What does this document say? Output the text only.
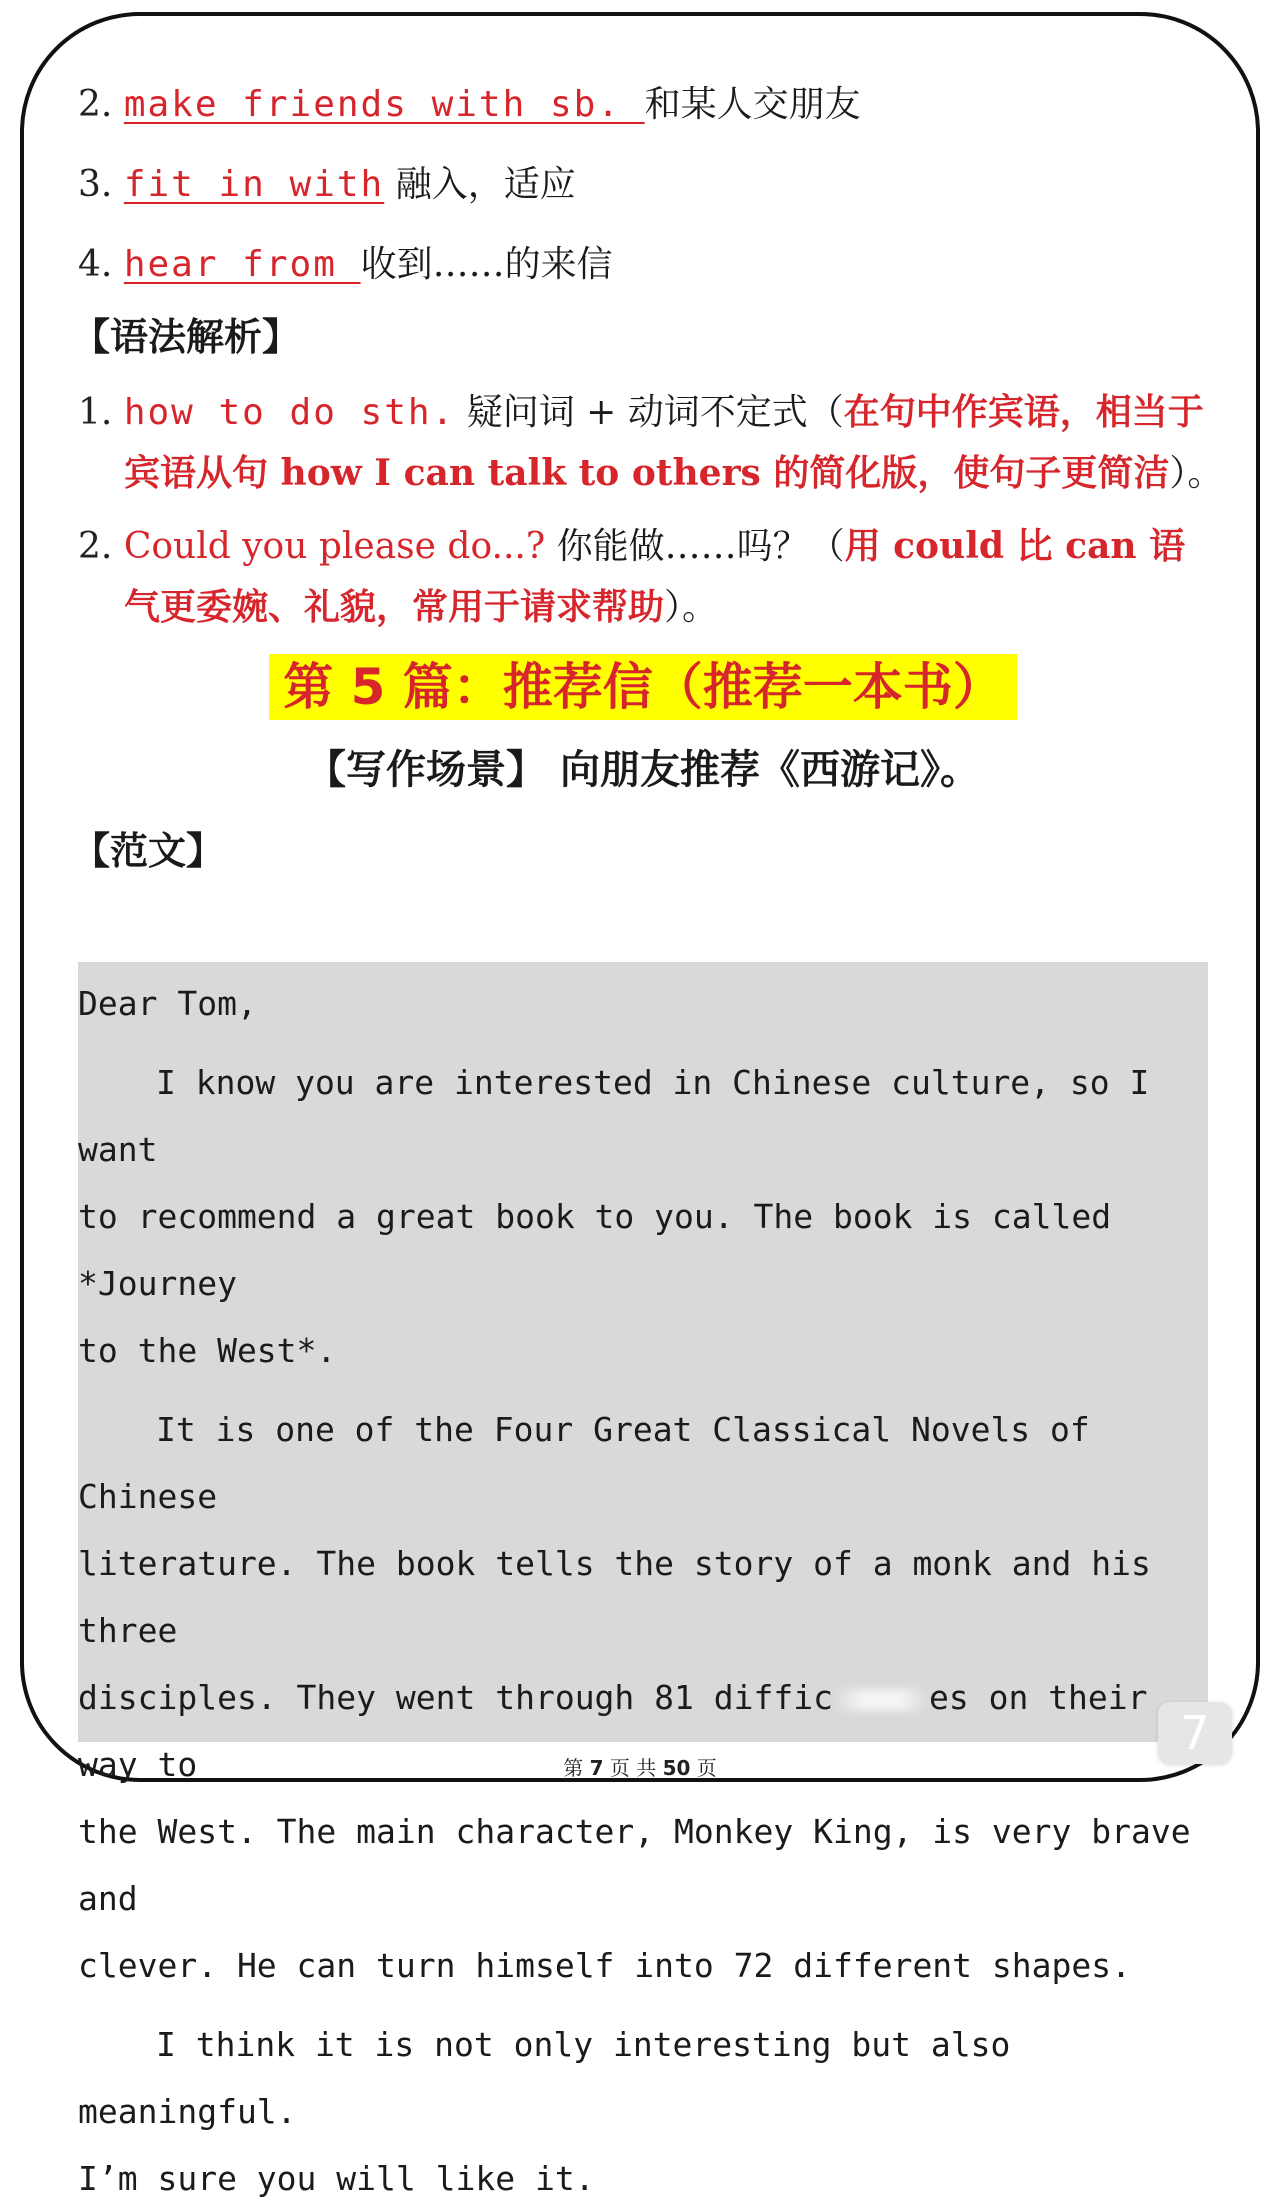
2. make friends with sb. 和某人交朋友
3. fit in with 融入，适应
4. hear from 收到……的来信
【语法解析】
1. how to do sth. 疑问词 + 动词不定式（在句中作宾语，相当于
宾语从句 how I can talk to others 的简化版，使句子更简洁）。
2. Could you please do...? 你能做……吗？（用 could 比 can 语
气更委婉、礼貌，常用于请求帮助）。
第 5 篇：推荐信（推荐一本书）
【写作场景】 向朋友推荐《西游记》。
【范文】

Dear Tom,

I know you are interested in Chinese culture, so I want

to recommend a great book to you. The book is called *Journey

to the West*.

It is one of the Four Great Classical Novels of Chinese

literature. The book tells the story of a monk and his three

disciples. They went through 81 diffic	es on their way to

the West. The main character, Monkey King, is very brave and

clever. He can turn himself into 72 different shapes.

I think it is not only interesting but also meaningful.

I’m sure you will like it.

7
第 7 页 共 50 页
